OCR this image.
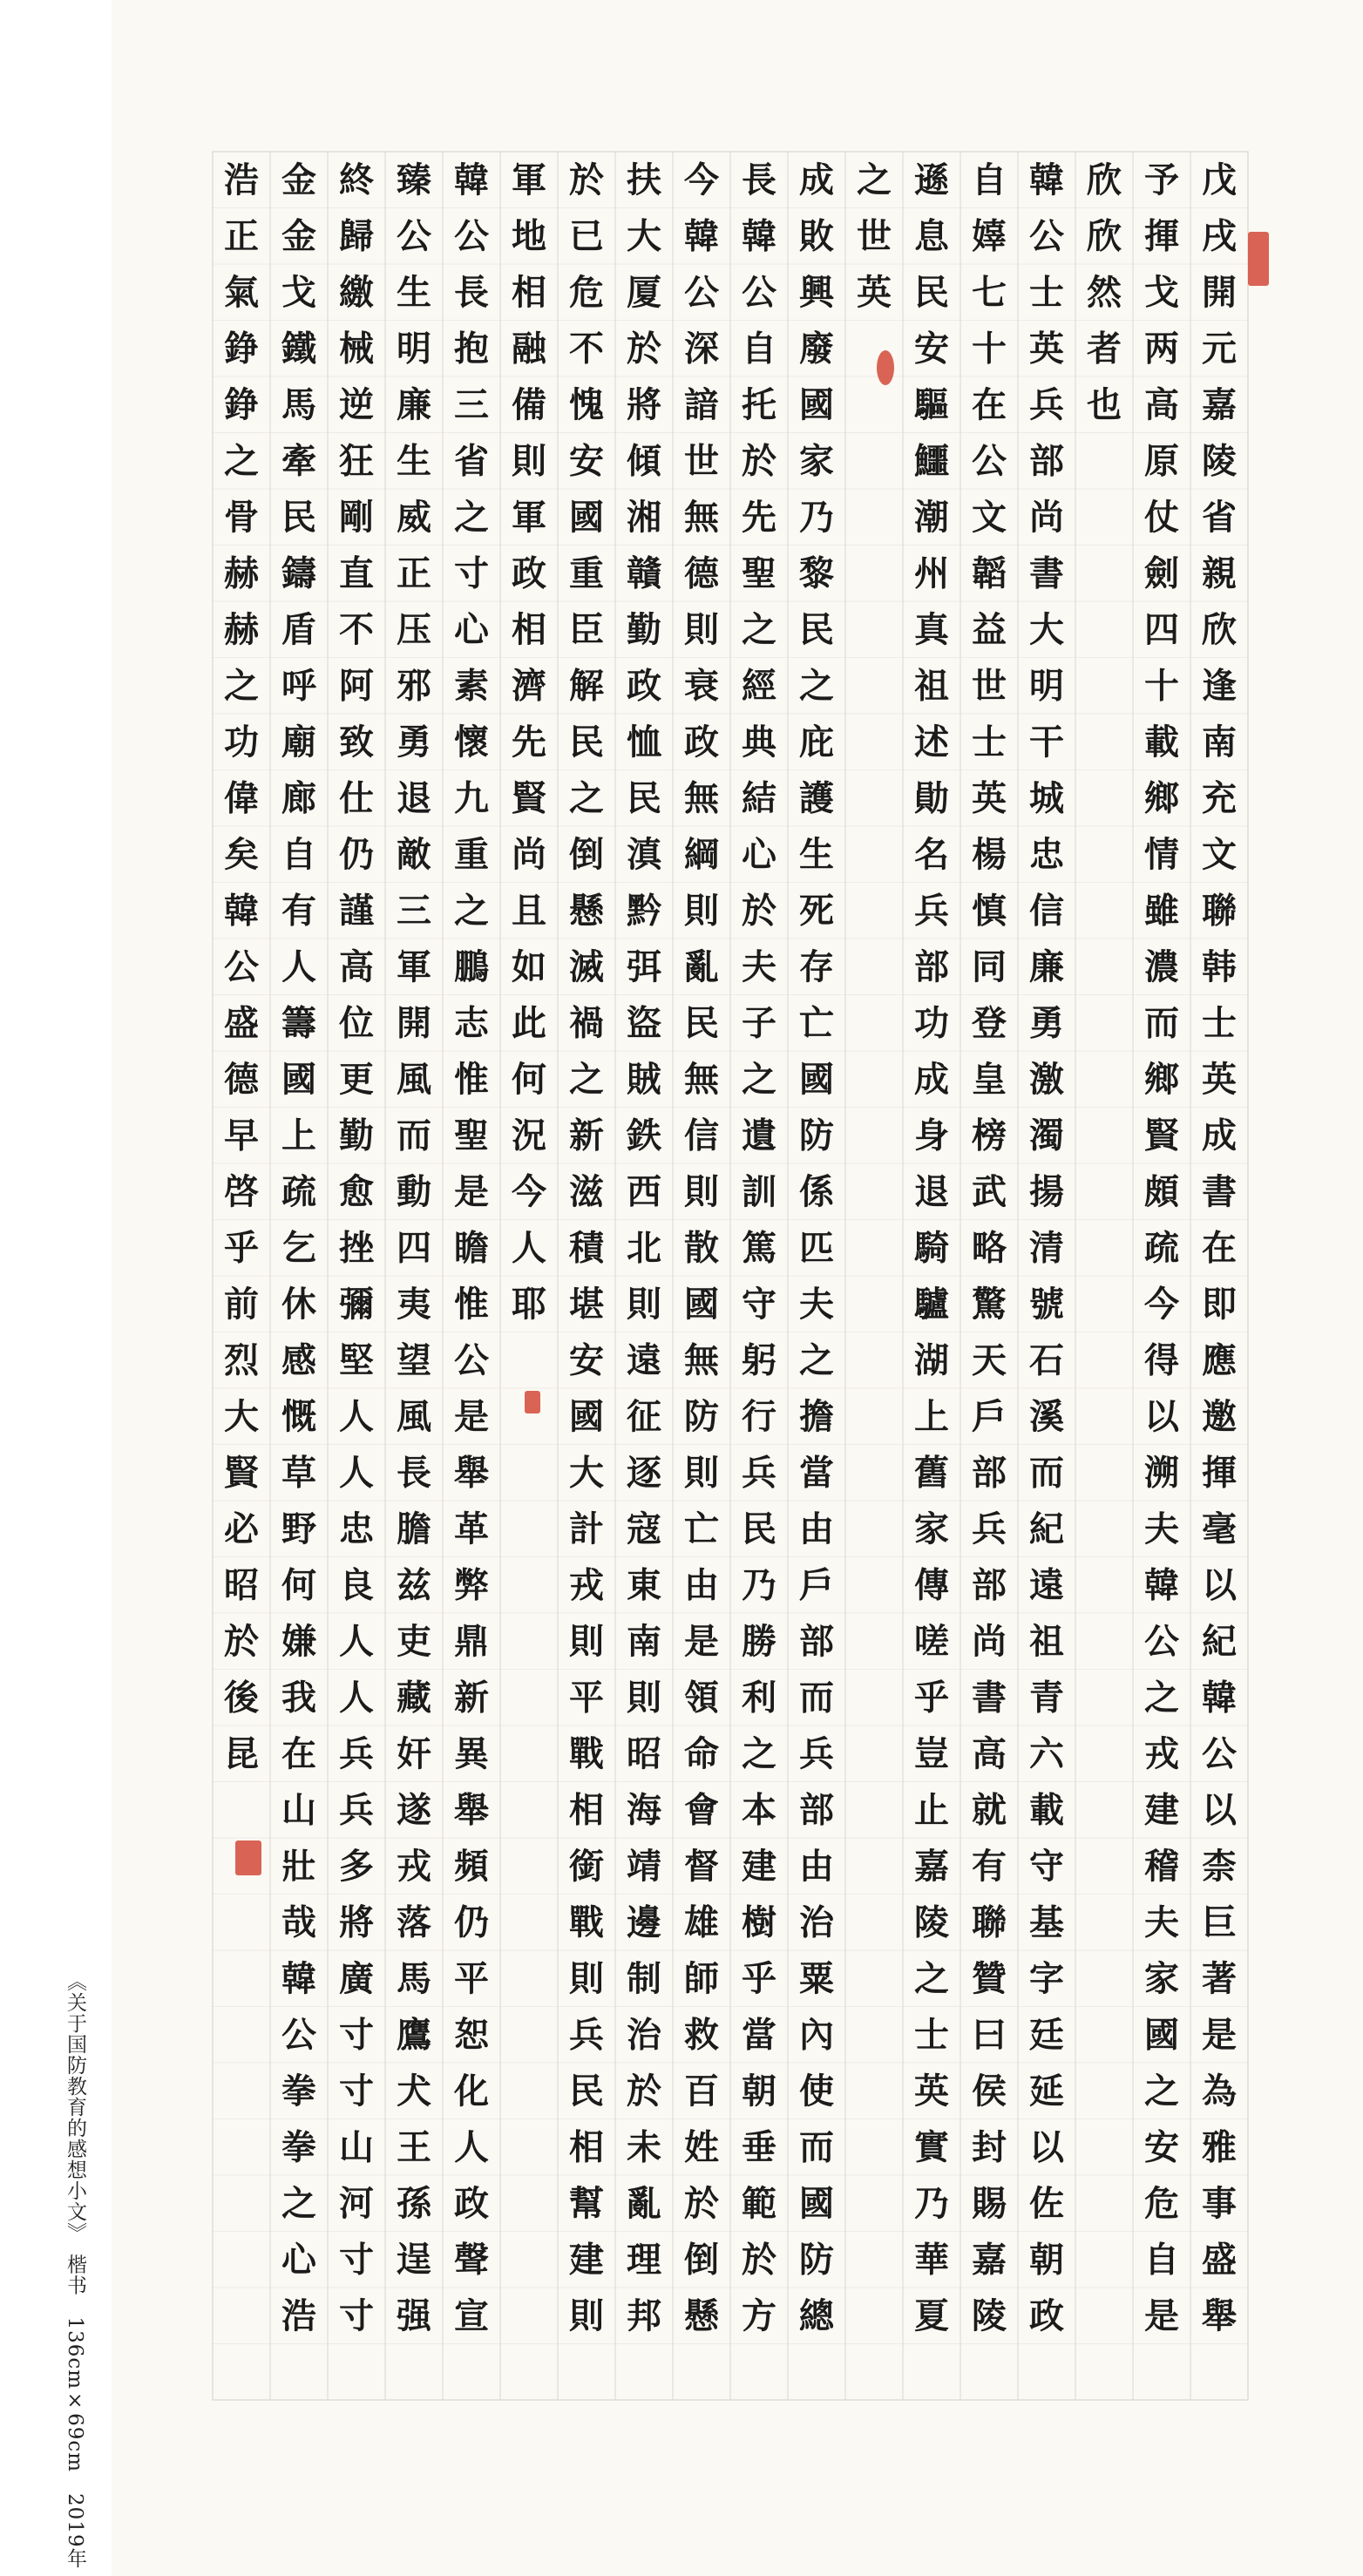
戊
戌
開
元
嘉
陵
省
親
欣
逢
南
充
文
聯
韩
士
英
成
書
在
即
應
邀
揮
毫
以
紀
韓
公
以
柰
巨
著
是
為
雅
事
盛
舉
予
揮
戈
两
高
原
仗
劍
四
十
載
鄉
情
雖
濃
而
鄉
賢
頗
疏
今
得
以
溯
夫
韓
公
之
戎
建
稽
夫
家
國
之
安
危
自
是
欣
欣
然
者
也
韓
公
士
英
兵
部
尚
書
大
明
干
城
忠
信
廉
勇
激
濁
揚
清
號
石
溪
而
紀
遠
祖
青
六
載
守
基
字
廷
延
以
佐
朝
政
自
嫴
七
十
在
公
文
韜
益
世
士
英
楊
慎
同
登
皇
榜
武
略
驚
天
戶
部
兵
部
尚
書
高
就
有
聯
贊
曰
侯
封
賜
嘉
陵
遜
息
民
安
驅
鱷
潮
州
真
祖
述
勛
名
兵
部
功
成
身
退
騎
驢
湖
上
舊
家
傳
嗟
乎
豈
止
嘉
陵
之
士
英
實
乃
華
夏
之
世
英
成
敗
興
廢
國
家
乃
黎
民
之
庇
護
生
死
存
亡
國
防
係
匹
夫
之
擔
當
由
戶
部
而
兵
部
由
治
粟
內
使
而
國
防
總
長
韓
公
自
托
於
先
聖
之
經
典
結
心
於
夫
子
之
遺
訓
篤
守
躬
行
兵
民
乃
勝
利
之
本
建
樹
乎
當
朝
垂
範
於
方
今
韓
公
深
諳
世
無
德
則
衰
政
無
綱
則
亂
民
無
信
則
散
國
無
防
則
亡
由
是
領
命
會
督
雄
師
救
百
姓
於
倒
懸
扶
大
厦
於
將
傾
湘
贛
勤
政
恤
民
滇
黔
弭
盜
賊
鉄
西
北
則
遠
征
逐
寇
東
南
則
昭
海
靖
邊
制
治
於
未
亂
理
邦
於
已
危
不
愧
安
國
重
臣
解
民
之
倒
懸
滅
禍
之
新
滋
積
堪
安
國
大
計
戎
則
平
戰
相
銜
戰
則
兵
民
相
幫
建
則
軍
地
相
融
備
則
軍
政
相
濟
先
賢
尚
且
如
此
何
況
今
人
耶
韓
公
長
抱
三
省
之
寸
心
素
懷
九
重
之
鵬
志
惟
聖
是
瞻
惟
公
是
舉
革
弊
鼎
新
異
舉
頻
仍
平
恕
化
人
政
聲
宣
臻
公
生
明
廉
生
威
正
压
邪
勇
退
敵
三
軍
開
風
而
動
四
夷
望
風
長
膽
兹
吏
藏
奸
遂
戎
落
馬
鷹
犬
王
孫
逞
强
終
歸
繳
械
逆
狂
剛
直
不
阿
致
仕
仍
謹
高
位
更
勤
愈
挫
彌
堅
人
人
忠
良
人
人
兵
兵
多
將
廣
寸
寸
山
河
寸
寸
金
金
戈
鐵
馬
牽
民
鑄
盾
呼
廟
廊
自
有
人
籌
國
上
疏
乞
休
感
慨
草
野
何
嫌
我
在
山
壯
哉
韓
公
拳
拳
之
心
浩
浩
正
氣
錚
錚
之
骨
赫
赫
之
功
偉
矣
韓
公
盛
德
早
啓
乎
前
烈
大
賢
必
昭
於
後
昆
《关于国防教育的感想小文》　楷书　136cm×69cm　2019年
